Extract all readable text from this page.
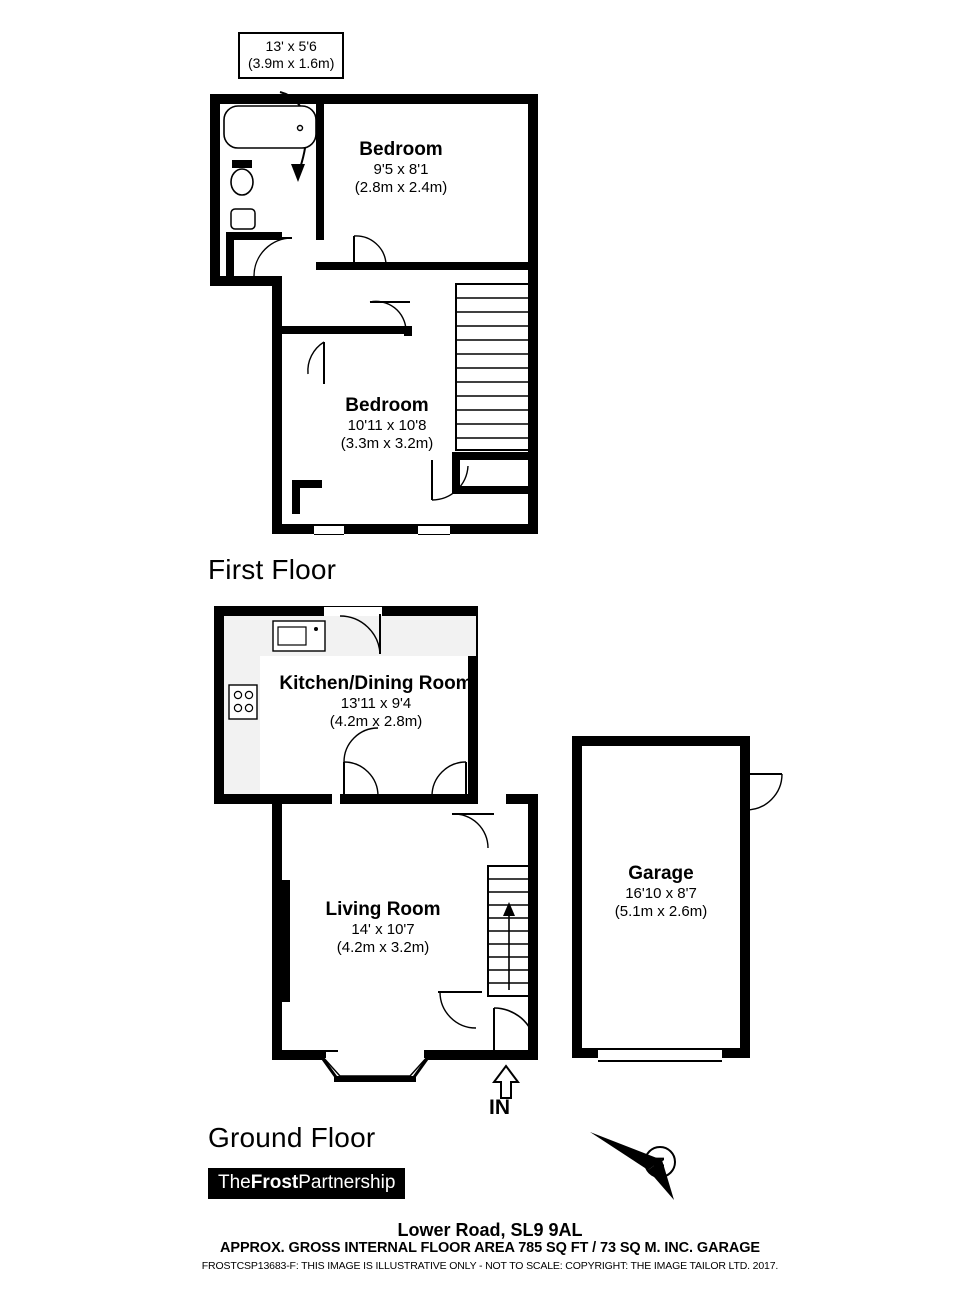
13' x 5'6
(3.9m x 1.6m)
Bedroom
9'5 x 8'1
(2.8m x 2.4m)
Bedroom
10'11 x 10'8
(3.3m x 3.2m)
First Floor
IN
Kitchen/Dining Room
13'11 x 9'4
(4.2m x 2.8m)
Living Room
14' x 10'7
(4.2m x 3.2m)
Garage
16'10 x 8'7
(5.1m x 2.6m)
Ground Floor
N
TheFrostPartnership
Lower Road, SL9 9AL
APPROX. GROSS INTERNAL FLOOR AREA 785 SQ FT / 73 SQ M. INC. GARAGE
FROSTCSP13683-F: THIS IMAGE IS ILLUSTRATIVE ONLY - NOT TO SCALE: COPYRIGHT: THE IMAGE TAILOR LTD. 2017.
